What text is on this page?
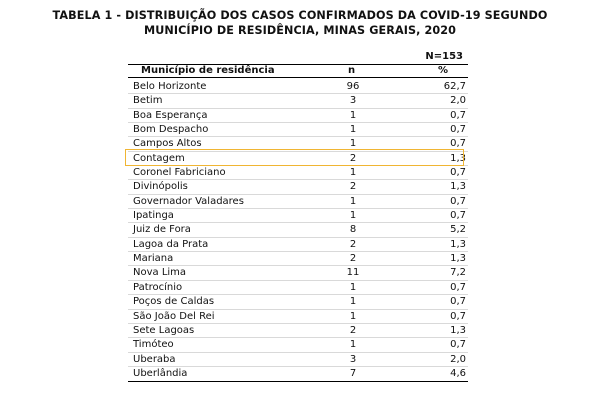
TABELA 1 - DISTRIBUIÇÃO DOS CASOS CONFIRMADOS DA COVID-19 SEGUNDO
MUNICÍPIO DE RESIDÊNCIA, MINAS GERAIS, 2020
N=153
Município de residência	n	%
Belo Horizonte	96	62,7
Betim	3	2,0
Boa Esperança	1	0,7
Bom Despacho	1	0,7
Campos Altos	1	0,7
Contagem	2	1,3
Coronel Fabriciano	1	0,7
Divinópolis	2	1,3
Governador Valadares	1	0,7
Ipatinga	1	0,7
Juiz de Fora	8	5,2
Lagoa da Prata	2	1,3
Mariana	2	1,3
Nova Lima	11	7,2
Patrocínio	1	0,7
Poços de Caldas	1	0,7
São João Del Rei	1	0,7
Sete Lagoas	2	1,3
Timóteo	1	0,7
Uberaba	3	2,0
Uberlândia	7	4,6
